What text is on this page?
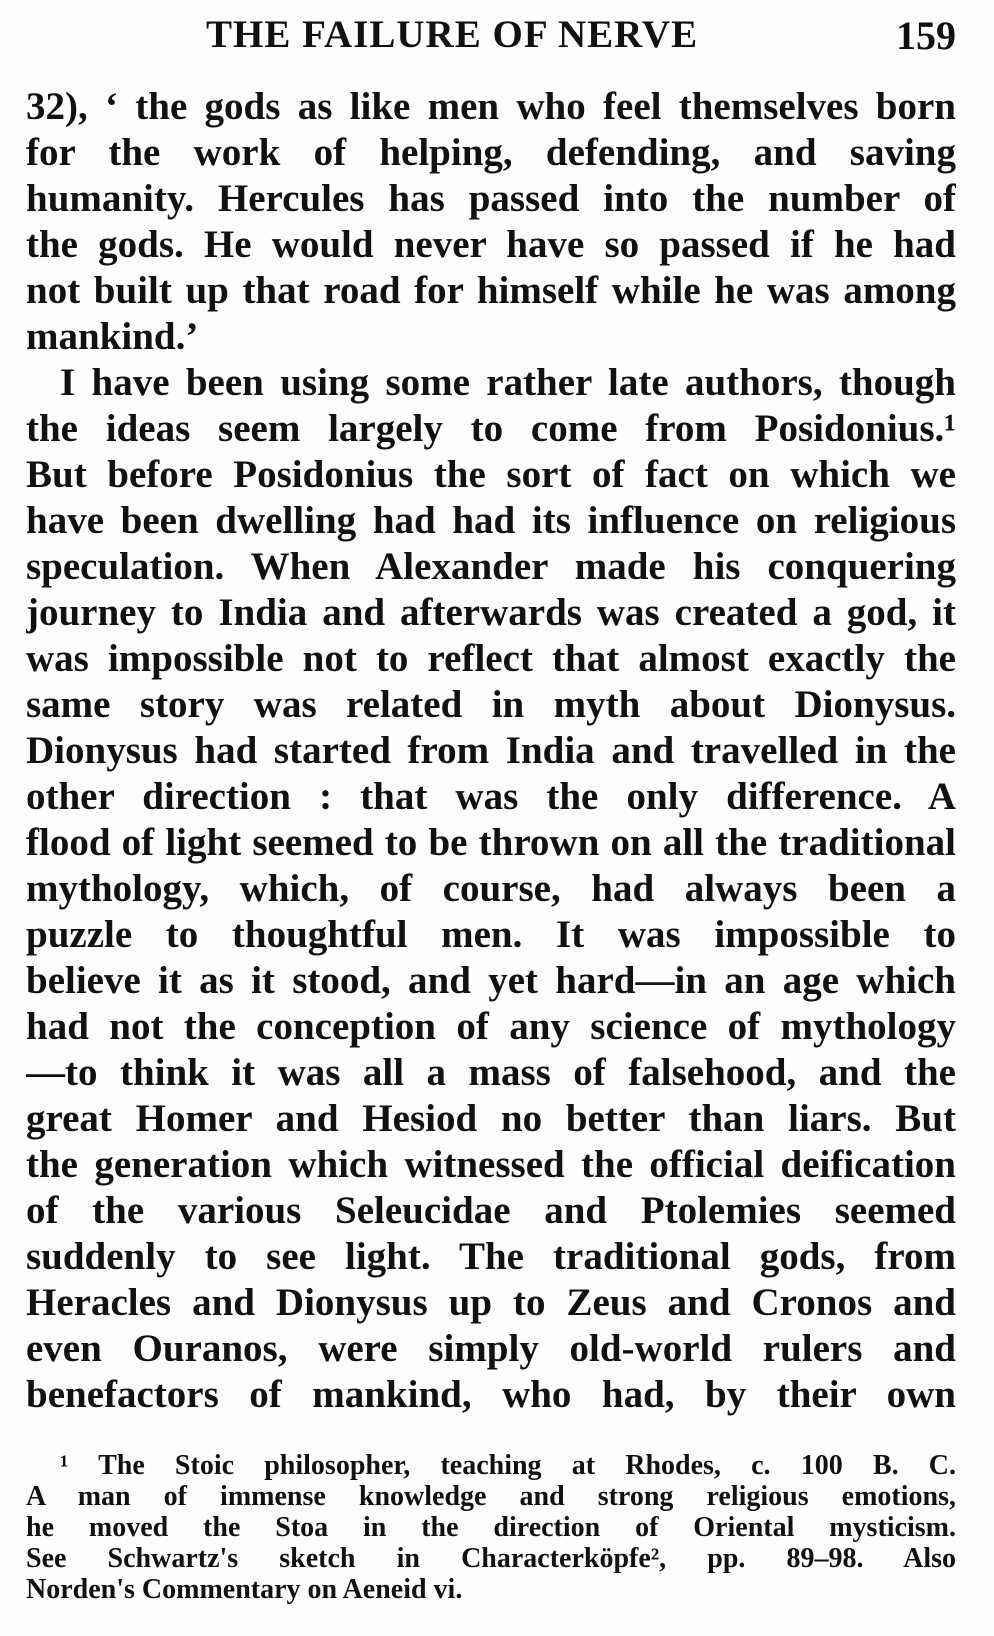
THE FAILURE OF NERVE	159
32), ‘ the gods as like men who feel themselves born
for the work of helping, defending, and saving
humanity. Hercules has passed into the number of
the gods. He would never have so passed if he had
not built up that road for himself while he was among
mankind.’
I have been using some rather late authors, though
the ideas seem largely to come from Posidonius.¹
But before Posidonius the sort of fact on which we
have been dwelling had had its influence on religious
speculation. When Alexander made his conquering
journey to India and afterwards was created a god, it
was impossible not to reflect that almost exactly the
same story was related in myth about Dionysus.
Dionysus had started from India and travelled in the
other direction : that was the only difference. A
flood of light seemed to be thrown on all the traditional
mythology, which, of course, had always been a
puzzle to thoughtful men. It was impossible to
believe it as it stood, and yet hard—in an age which
had not the conception of any science of mythology
—to think it was all a mass of falsehood, and the
great Homer and Hesiod no better than liars. But
the generation which witnessed the official deification
of the various Seleucidae and Ptolemies seemed
suddenly to see light. The traditional gods, from
Heracles and Dionysus up to Zeus and Cronos and
even Ouranos, were simply old-world rulers and
benefactors of mankind, who had, by their own
¹ The Stoic philosopher, teaching at Rhodes, c. 100 B. C.
A man of immense knowledge and strong religious emotions,
he moved the Stoa in the direction of Oriental mysticism.
See Schwartz's sketch in Characterköpfe², pp. 89–98. Also
Norden's Commentary on Aeneid vi.
